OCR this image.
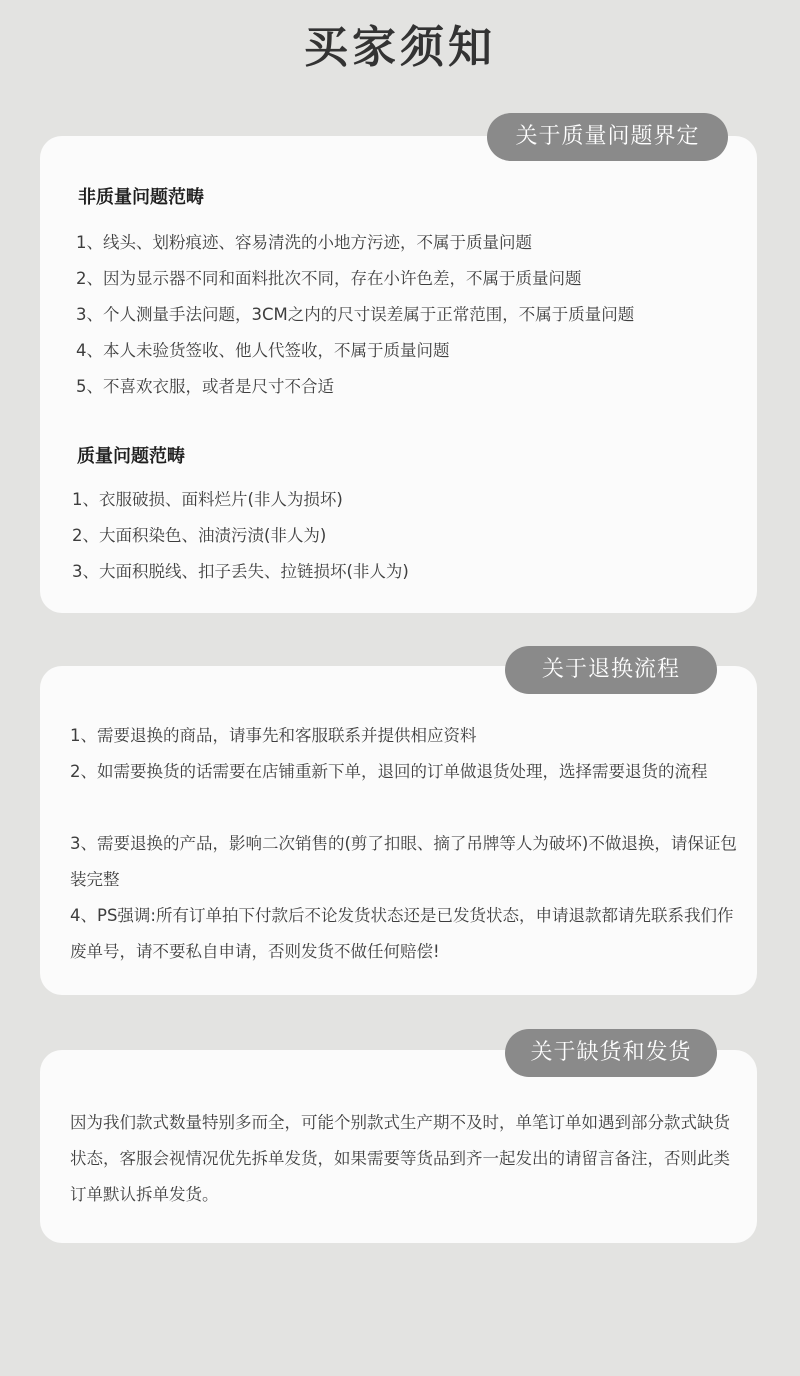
买家须知
关于质量问题界定
非质量问题范畴
1、线头、划粉痕迹、容易清洗的小地方污迹，不属于质量问题
2、因为显示器不同和面料批次不同，存在小许色差，不属于质量问题
3、个人测量手法问题，3CM之内的尺寸误差属于正常范围，不属于质量问题
4、本人未验货签收、他人代签收，不属于质量问题
5、不喜欢衣服，或者是尺寸不合适
质量问题范畴
1、衣服破损、面料烂片(非人为损坏)
2、大面积染色、油渍污渍(非人为)
3、大面积脱线、扣子丢失、拉链损坏(非人为)
关于退换流程
1、需要退换的商品，请事先和客服联系并提供相应资料
2、如需要换货的话需要在店铺重新下单，退回的订单做退货处理，选择需要退货的流程
3、需要退换的产品，影响二次销售的(剪了扣眼、摘了吊牌等人为破坏)不做退换，请保证包装完整
4、PS强调:所有订单拍下付款后不论发货状态还是已发货状态，申请退款都请先联系我们作废单号，请不要私自申请，否则发货不做任何赔偿!
关于缺货和发货
因为我们款式数量特别多而全，可能个别款式生产期不及时，单笔订单如遇到部分款式缺货状态，客服会视情况优先拆单发货，如果需要等货品到齐一起发出的请留言备注，否则此类订单默认拆单发货。
